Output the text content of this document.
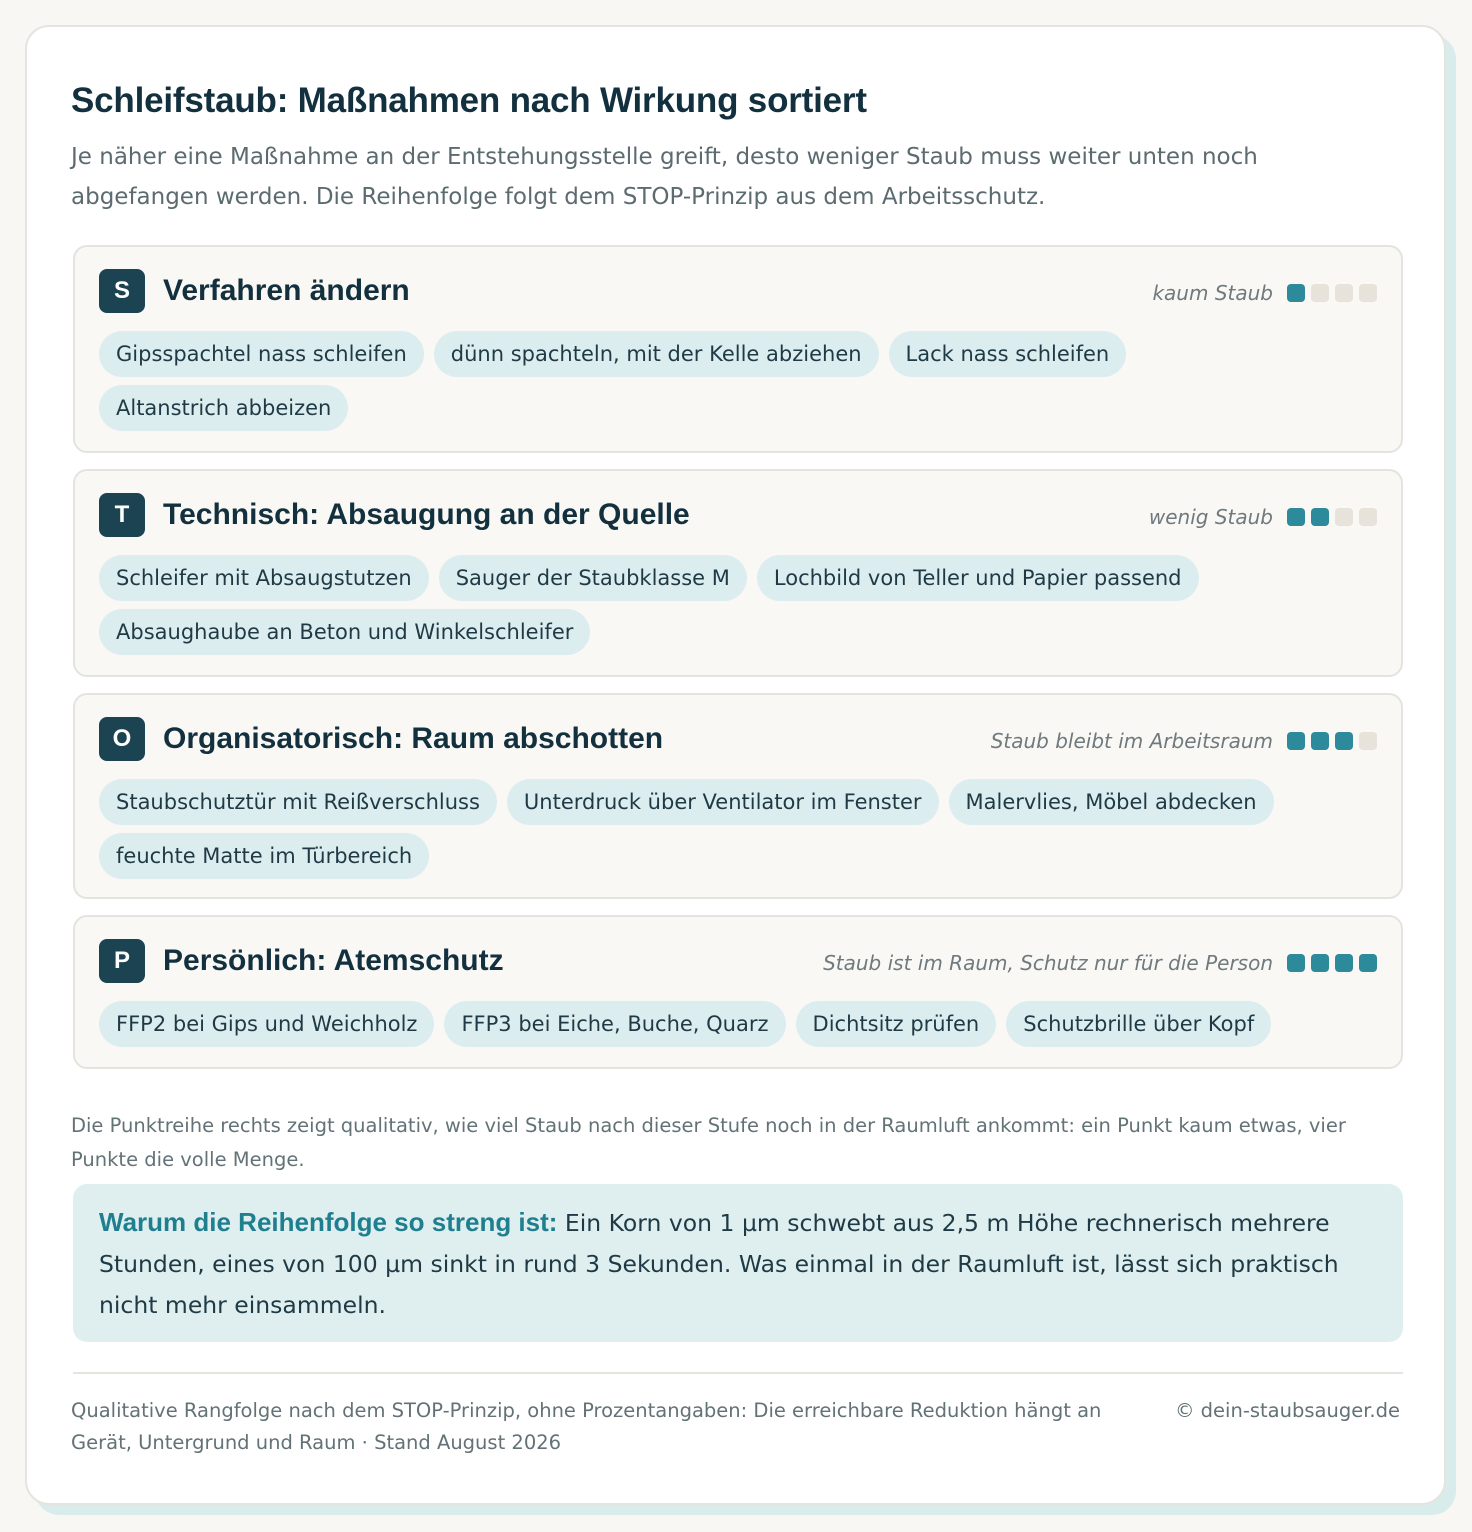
Schleifstaub: Maßnahmen nach Wirkung sortiert

Je näher eine Maßnahme an der Entstehungsstelle greift, desto weniger Staub muss weiter unten noch abgefangen werden. Die Reihenfolge folgt dem STOP-Prinzip aus dem Arbeitsschutz.

S	Verfahren ändern	kaum Staub
Gipsspachtel nass schleifen	dünn spachteln, mit der Kelle abziehen	Lack nass schleifen
Altanstrich abbeizen
T	Technisch: Absaugung an der Quelle	wenig Staub
Schleifer mit Absaugstutzen	Sauger der Staubklasse M	Lochbild von Teller und Papier passend
Absaughaube an Beton und Winkelschleifer
O	Organisatorisch: Raum abschotten	Staub bleibt im Arbeitsraum
Staubschutztür mit Reißverschluss	Unterdruck über Ventilator im Fenster	Malervlies, Möbel abdecken
feuchte Matte im Türbereich
P	Persönlich: Atemschutz	Staub ist im Raum, Schutz nur für die Person
FFP2 bei Gips und Weichholz	FFP3 bei Eiche, Buche, Quarz	Dichtsitz prüfen	Schutzbrille über Kopf

Die Punktreihe rechts zeigt qualitativ, wie viel Staub nach dieser Stufe noch in der Raumluft ankommt: ein Punkt kaum etwas, vier Punkte die volle Menge.

Warum die Reihenfolge so streng ist: Ein Korn von 1 µm schwebt aus 2,5 m Höhe rechnerisch mehrere Stunden, eines von 100 µm sinkt in rund 3 Sekunden. Was einmal in der Raumluft ist, lässt sich praktisch nicht mehr einsammeln.

Qualitative Rangfolge nach dem STOP-Prinzip, ohne Prozentangaben: Die erreichbare Reduktion hängt an Gerät, Untergrund und Raum · Stand August 2026

© dein-staubsauger.de
